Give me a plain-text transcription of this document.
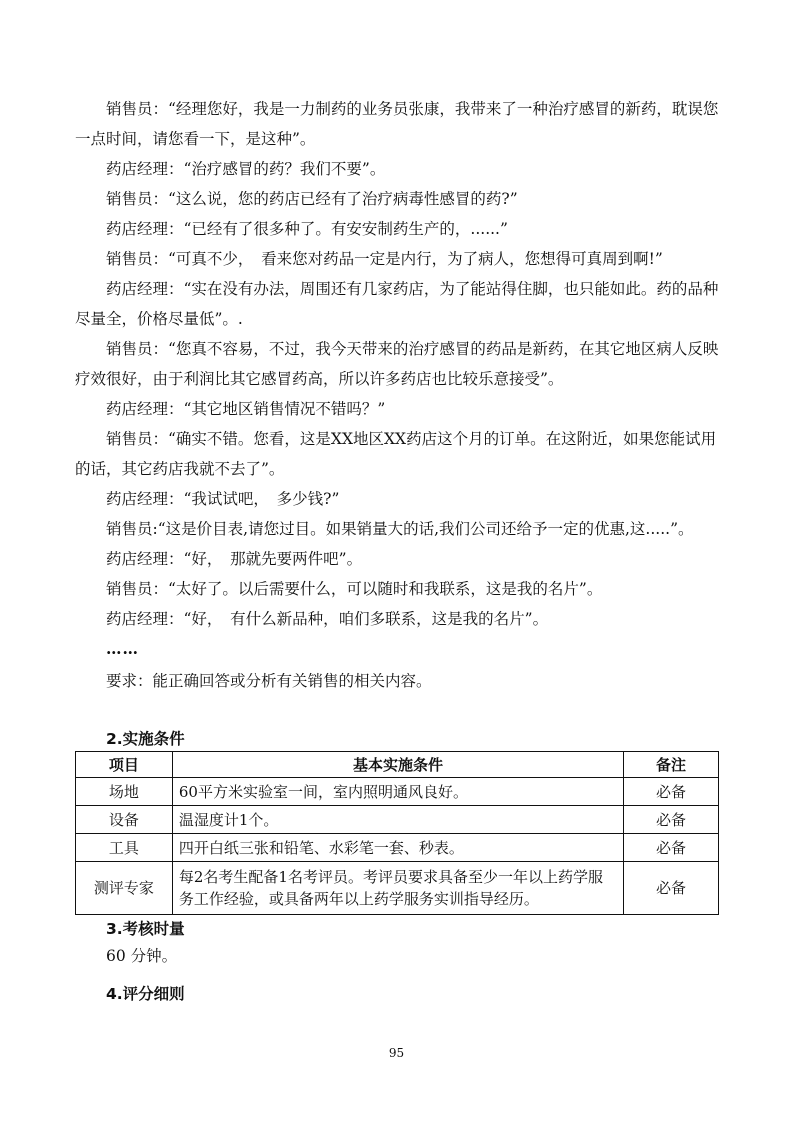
销售员：“经理您好，我是一力制药的业务员张康，我带来了一种治疗感冒的新药，耽误您一点时间，请您看一下，是这种”。

药店经理：“治疗感冒的药？我们不要”。

销售员：“这么说，您的药店已经有了治疗病毒性感冒的药?”

药店经理：“已经有了很多种了。有安安制药生产的，......”

销售员：“可真不少，　看来您对药品一定是内行，为了病人，您想得可真周到啊!”

药店经理：“实在没有办法，周围还有几家药店，为了能站得住脚，也只能如此。药的品种尽量全，价格尽量低”。.

销售员：“您真不容易，不过，我今天带来的治疗感冒的药品是新药，在其它地区病人反映疗效很好，由于利润比其它感冒药高，所以许多药店也比较乐意接受”。

药店经理：“其它地区销售情况不错吗？”

销售员：“确实不错。您看，这是XX地区XX药店这个月的订单。在这附近，如果您能试用的话，其它药店我就不去了”。

药店经理：“我试试吧，　多少钱?”

销售员:“这是价目表,请您过目。如果销量大的话,我们公司还给予一定的优惠,这.....”。

药店经理：“好，　那就先要两件吧”。

销售员：“太好了。以后需要什么，可以随时和我联系，这是我的名片”。

药店经理：“好，　有什么新品种，咱们多联系，这是我的名片”。

……

要求：能正确回答或分析有关销售的相关内容。

2.实施条件

项目	基本实施条件	备注
场地	60平方米实验室一间，室内照明通风良好。	必备
设备	温湿度计1个。	必备
工具	四开白纸三张和铅笔、水彩笔一套、秒表。	必备
测评专家	每2名考生配备1名考评员。考评员要求具备至少一年以上药学服务工作经验，或具备两年以上药学服务实训指导经历。	必备

3.考核时量

60 分钟。

4.评分细则

95
